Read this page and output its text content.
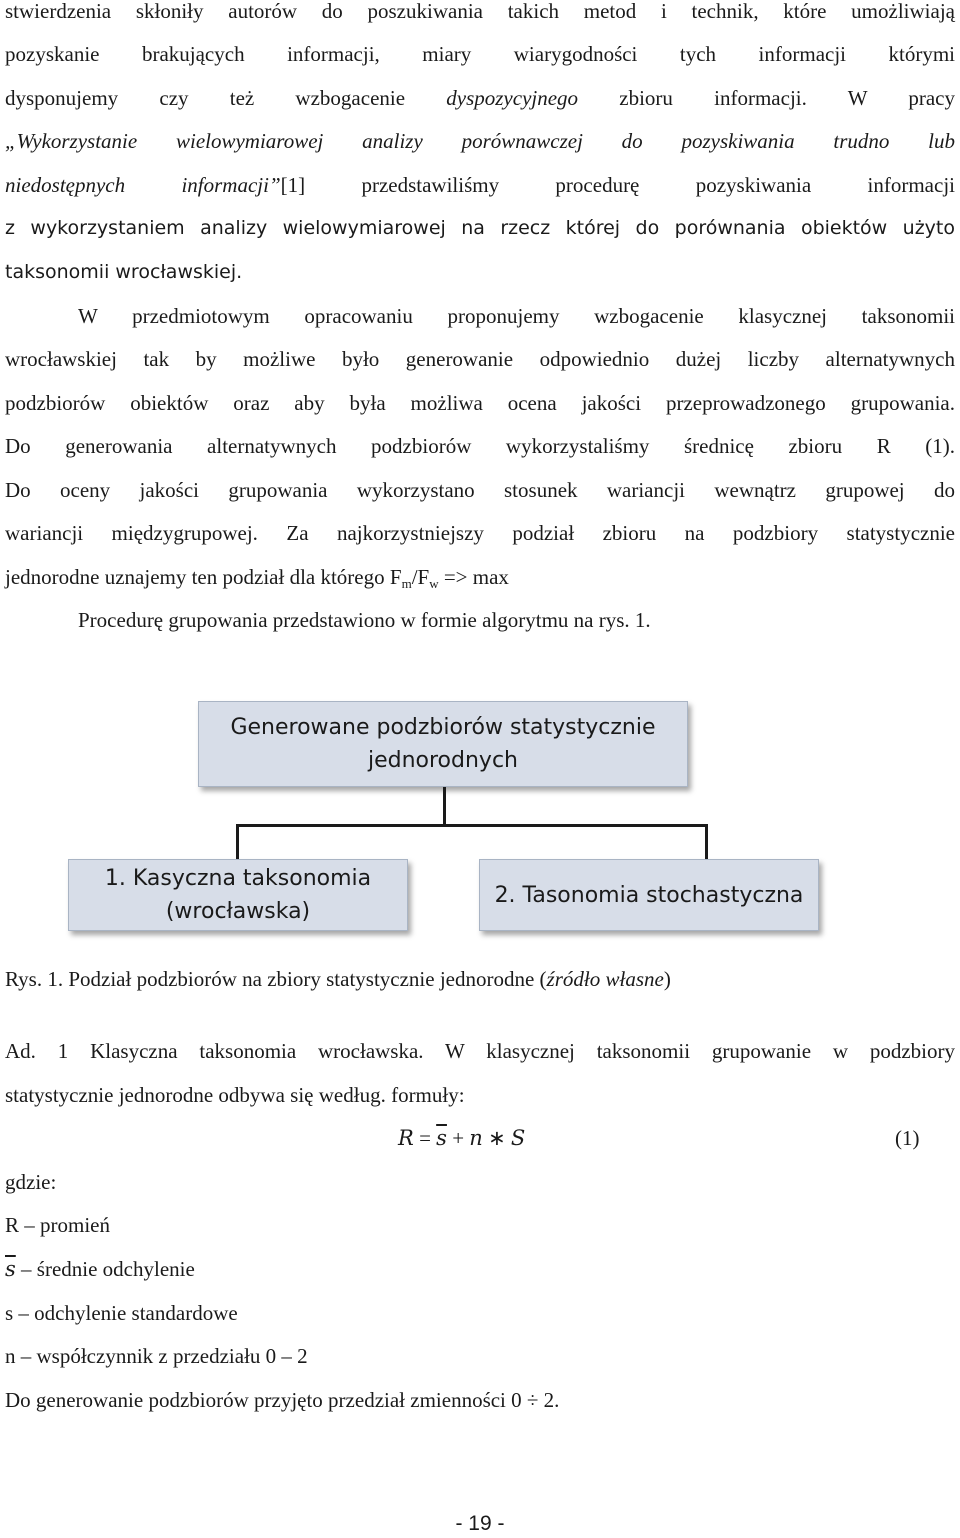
stwierdzenia skłoniły autorów do poszukiwania takich metod i technik, które umożliwiają
pozyskanie brakujących informacji, miary wiarygodności tych informacji którymi
dysponujemy czy też wzbogacenie dyspozycyjnego zbioru informacji. W pracy
„Wykorzystanie wielowymiarowej analizy porównawczej do pozyskiwania trudno lub
niedostępnych informacji”[1] przedstawiliśmy procedurę pozyskiwania informacji
z wykorzystaniem analizy wielowymiarowej na rzecz której do porównania obiektów użyto
taksonomii wrocławskiej.
W przedmiotowym opracowaniu proponujemy wzbogacenie klasycznej taksonomii
wrocławskiej tak by możliwe było generowanie odpowiednio dużej liczby alternatywnych
podzbiorów obiektów oraz aby była możliwa ocena jakości przeprowadzonego grupowania.
Do generowania alternatywnych podzbiorów wykorzystaliśmy średnicę zbioru R (1).
Do oceny jakości grupowania wykorzystano stosunek wariancji wewnątrz grupowej do
wariancji międzygrupowej. Za najkorzystniejszy podział zbioru na podzbiory statystycznie
jednorodne uznajemy ten podział dla którego $F_m/F_w => \max$
Procedurę grupowania przedstawiono w formie algorytmu na rys. 1.
Generowane podzbiorów statystycznie
jednorodnych
1. Kasyczna taksonomia
(wrocławska)
2. Tasonomia stochastyczna
Rys. 1. Podział podzbiorów na zbiory statystycznie jednorodne (źródło własne)
Ad. 1 Klasyczna taksonomia wrocławska. W klasycznej taksonomii grupowanie w podzbiory
statystycznie jednorodne odbywa się według. formuły:
$R = \overline{s} + n$ ∗ S	(1)
gdzie:
R – promień
$\overline{s}$ – średnie odchylenie
s – odchylenie standardowe
n – współczynnik z przedziału 0 – 2
Do generowanie podzbiorów przyjęto przedział zmienności 0 ÷ 2.
- 19 -
